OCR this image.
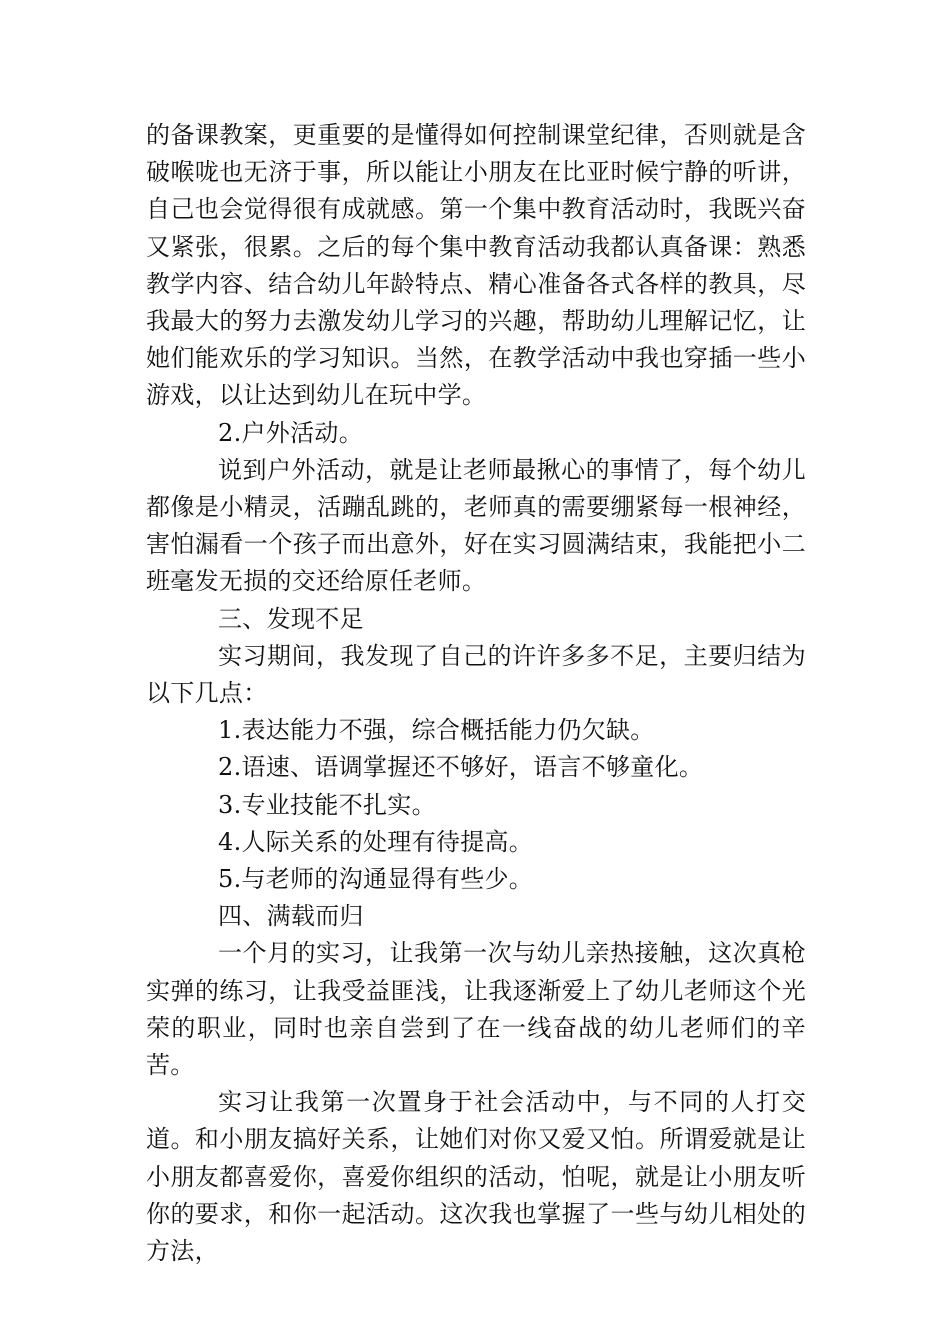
的备课教案，更重要的是懂得如何控制课堂纪律，否则就是含破喉咙也无济于事，所以能让小朋友在比亚时候宁静的听讲，自己也会觉得很有成就感。第一个集中教育活动时，我既兴奋又紧张，很累。之后的每个集中教育活动我都认真备课：熟悉教学内容、结合幼儿年龄特点、精心准备各式各样的教具，尽我最大的努力去激发幼儿学习的兴趣，帮助幼儿理解记忆，让她们能欢乐的学习知识。当然，在教学活动中我也穿插一些小游戏，以让达到幼儿在玩中学。

2.户外活动。

说到户外活动，就是让老师最揪心的事情了，每个幼儿都像是小精灵，活蹦乱跳的，老师真的需要绷紧每一根神经，害怕漏看一个孩子而出意外，好在实习圆满结束，我能把小二班毫发无损的交还给原任老师。

三、发现不足

实习期间，我发现了自己的许许多多不足，主要归结为以下几点：

1.表达能力不强，综合概括能力仍欠缺。

2.语速、语调掌握还不够好，语言不够童化。

3.专业技能不扎实。

4.人际关系的处理有待提高。

5.与老师的沟通显得有些少。

四、满载而归

一个月的实习，让我第一次与幼儿亲热接触，这次真枪实弹的练习，让我受益匪浅，让我逐渐爱上了幼儿老师这个光荣的职业，同时也亲自尝到了在一线奋战的幼儿老师们的辛苦。

实习让我第一次置身于社会活动中，与不同的人打交道。和小朋友搞好关系，让她们对你又爱又怕。所谓爱就是让小朋友都喜爱你，喜爱你组织的活动，怕呢，就是让小朋友听你的要求，和你一起活动。这次我也掌握了一些与幼儿相处的方法，
